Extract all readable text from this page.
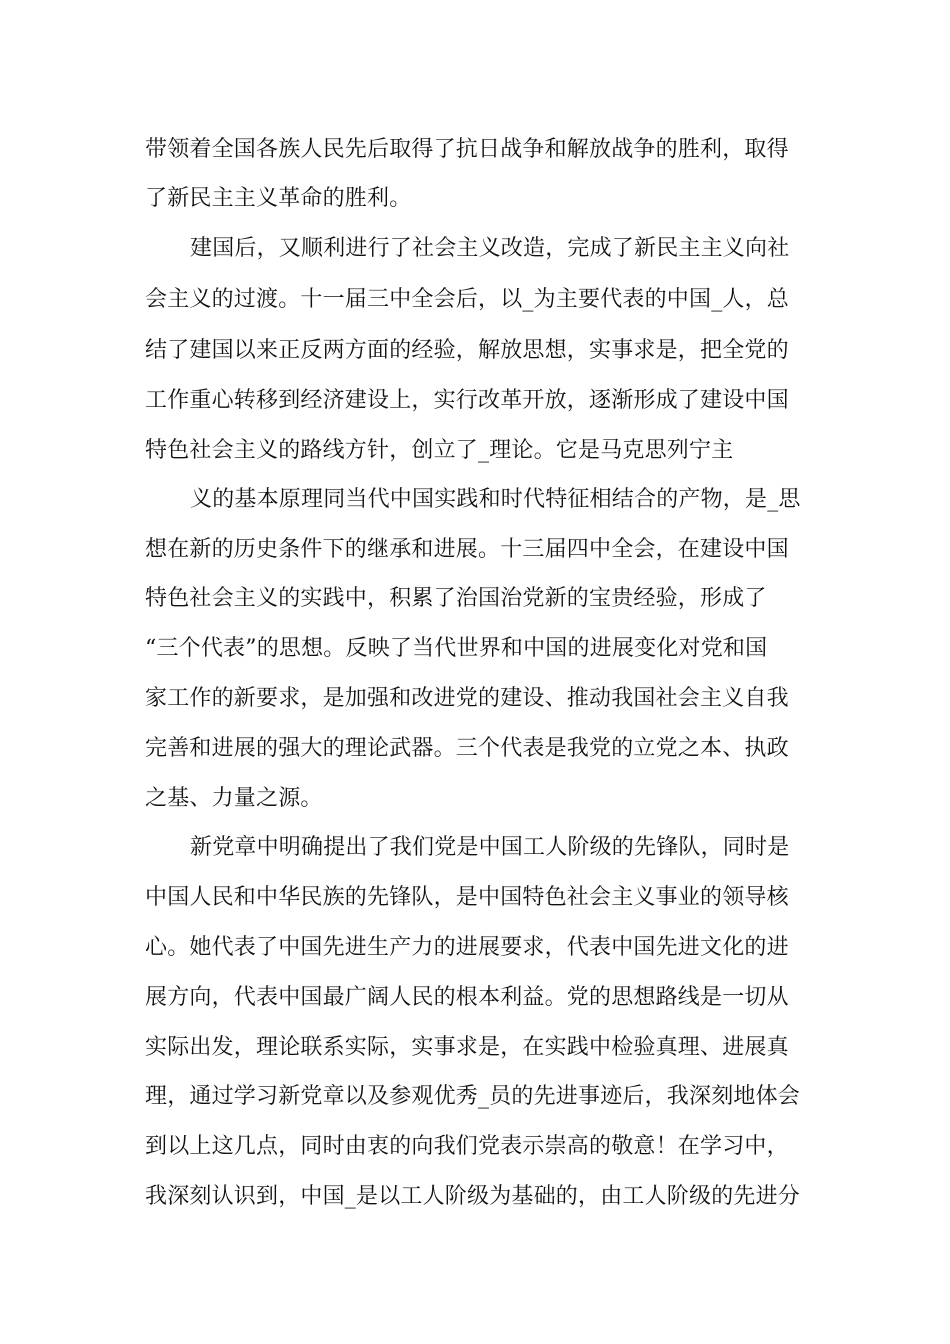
带领着全国各族人民先后取得了抗日战争和解放战争的胜利，取得
了新民主主义革命的胜利。
建国后，又顺利进行了社会主义改造，完成了新民主主义向社
会主义的过渡。十一届三中全会后，以_为主要代表的中国_人，总
结了建国以来正反两方面的经验，解放思想，实事求是，把全党的
工作重心转移到经济建设上，实行改革开放，逐渐形成了建设中国
特色社会主义的路线方针，创立了_理论。它是马克思列宁主
义的基本原理同当代中国实践和时代特征相结合的产物，是_思
想在新的历史条件下的继承和进展。十三届四中全会，在建设中国
特色社会主义的实践中，积累了治国治党新的宝贵经验，形成了
“三个代表”的思想。反映了当代世界和中国的进展变化对党和国
家工作的新要求，是加强和改进党的建设、推动我国社会主义自我
完善和进展的强大的理论武器。三个代表是我党的立党之本、执政
之基、力量之源。
新党章中明确提出了我们党是中国工人阶级的先锋队，同时是
中国人民和中华民族的先锋队，是中国特色社会主义事业的领导核
心。她代表了中国先进生产力的进展要求，代表中国先进文化的进
展方向，代表中国最广阔人民的根本利益。党的思想路线是一切从
实际出发，理论联系实际，实事求是，在实践中检验真理、进展真
理，通过学习新党章以及参观优秀_员的先进事迹后，我深刻地体会
到以上这几点，同时由衷的向我们党表示崇高的敬意！在学习中，
我深刻认识到，中国_是以工人阶级为基础的，由工人阶级的先进分
